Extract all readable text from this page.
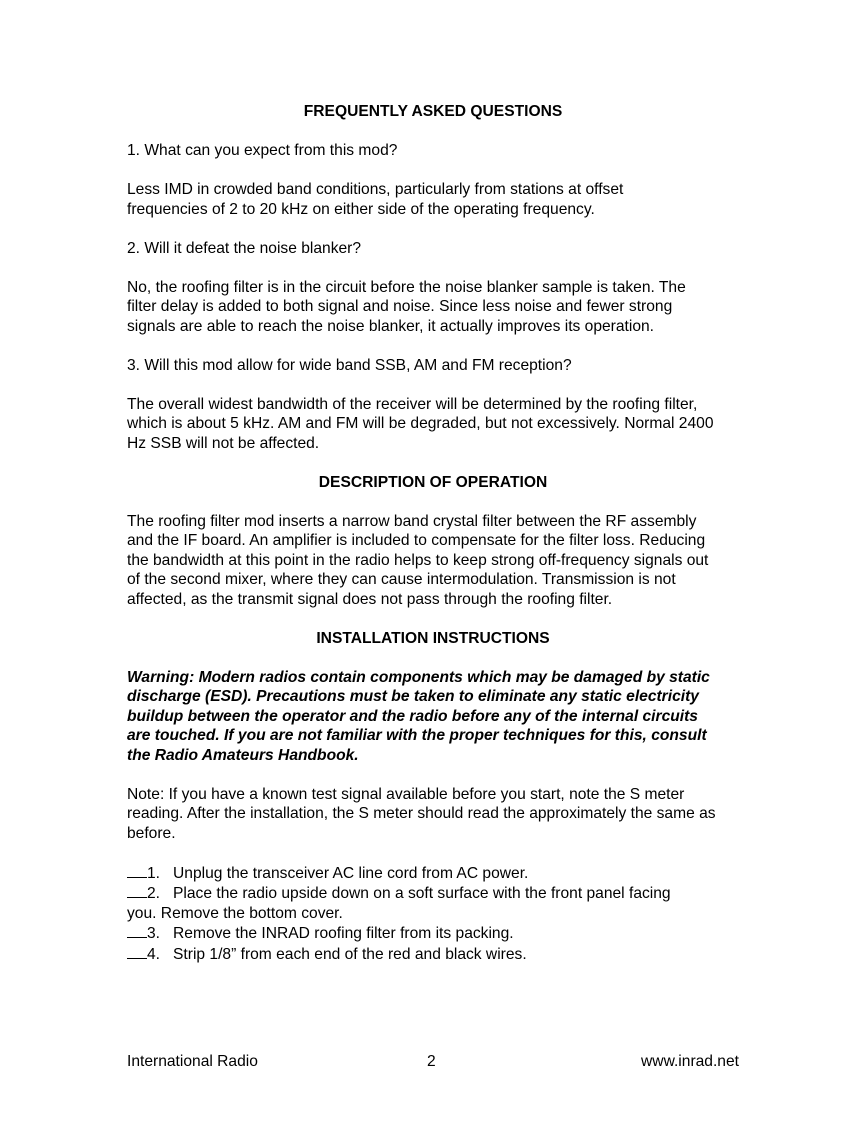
FREQUENTLY ASKED QUESTIONS

1. What can you expect from this mod?

Less IMD in crowded band conditions, particularly from stations at offset frequencies of 2 to 20 kHz on either side of the operating frequency.

2. Will it defeat the noise blanker?

No, the roofing filter is in the circuit before the noise blanker sample is taken. The filter delay is added to both signal and noise. Since less noise and fewer strong signals are able to reach the noise blanker, it actually improves its operation.

3. Will this mod allow for wide band SSB, AM and FM reception?

The overall widest bandwidth of the receiver will be determined by the roofing filter, which is about 5 kHz. AM and FM will be degraded, but not excessively. Normal 2400 Hz SSB will not be affected.

DESCRIPTION OF OPERATION

The roofing filter mod inserts a narrow band crystal filter between the RF assembly and the IF board. An amplifier is included to compensate for the filter loss. Reducing the bandwidth at this point in the radio helps to keep strong off-frequency signals out of the second mixer, where they can cause intermodulation. Transmission is not affected, as the transmit signal does not pass through the roofing filter.

INSTALLATION INSTRUCTIONS

Warning: Modern radios contain components which may be damaged by static discharge (ESD). Precautions must be taken to eliminate any static electricity buildup between the operator and the radio before any of the internal circuits are touched. If you are not familiar with the proper techniques for this, consult the Radio Amateurs Handbook.

Note: If you have a known test signal available before you start, note the S meter reading. After the installation, the S meter should read the approximately the same as before.

1. Unplug the transceiver AC line cord from AC power.
2. Place the radio upside down on a soft surface with the front panel facing
you. Remove the bottom cover.
3. Remove the INRAD roofing filter from its packing.
4. Strip 1/8” from each end of the red and black wires.
International Radio	2	www.inrad.net
